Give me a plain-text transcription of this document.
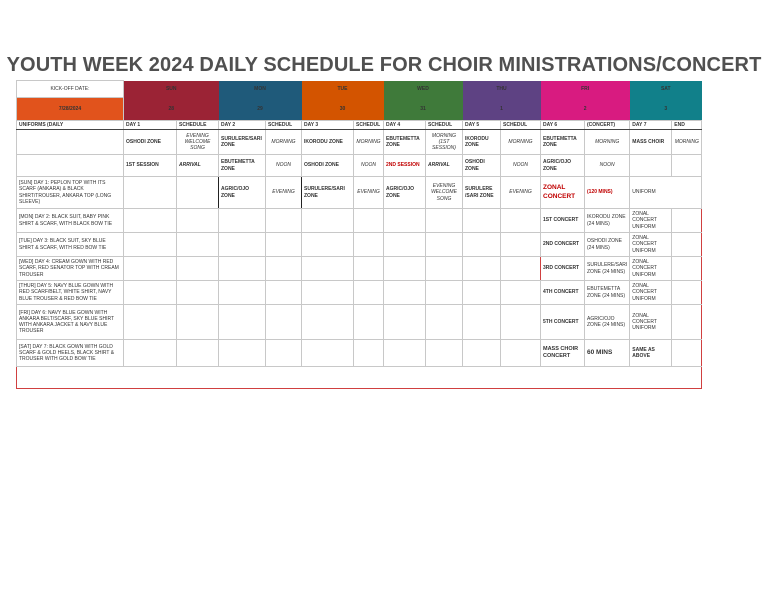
YOUTH WEEK 2024 DAILY SCHEDULE FOR CHOIR MINISTRATIONS/CONCERT
KICK-OFF DATE:	SUN		MON		TUE		WED		THU		FRI		SAT	
7/28/2024	28		29		30		31		1		2		3	
UNIFORMS (DAILY	DAY 1	SCHEDULE	DAY 2	SCHEDUL	DAY 3	SCHEDUL	DAY 4	SCHEDUL	DAY 5	SCHEDUL	DAY 6	(CONCERT)	DAY 7	END
	OSHODI ZONE	EVENING WELCOME SONG	SURULERE/SARI ZONE	MORNING	IKORODU ZONE	MORNING	EBUTEMETTA ZONE	MORNING (1ST SESSION)	IKORODU ZONE	MORNING	EBUTEMETTA ZONE	MORNING	MASS CHOIR	MORNING
	1ST SESSION	ARRIVAL	EBUTEMETTA ZONE	NOON	OSHODI ZONE	NOON	2ND SESSION	ARRIVAL	OSHODI ZONE	NOON	AGRIC/OJO ZONE	NOON		
[SUN] DAY 1: PEPLON TOP WITH ITS SCARF (ANKARA) & BLACK SHIRT/TROUSER, ANKARA TOP (LONG SLEEVE)			AGRIC/OJO ZONE	EVENING	SURULERE/SARI ZONE	EVENING	AGRIC/OJO ZONE	EVENING WELCOME SONG	SURULERE /SARI ZONE	EVENING	ZONAL CONCERT	(120 MINS)	UNIFORM	
[MON] DAY 2: BLACK SUIT, BABY PINK SHIRT & SCARF, WITH BLACK BOW TIE											1ST CONCERT	IKORODU ZONE (24 MINS)	ZONAL CONCERT UNIFORM	
[TUE] DAY 3: BLACK SUIT, SKY BLUE SHIRT & SCARF, WITH RED BOW TIE											2ND CONCERT	OSHODI ZONE (24 MINS)	ZONAL CONCERT UNIFORM	
[WED] DAY 4: CREAM GOWN WITH RED SCARF, RED SENATOR TOP WITH CREAM TROUSER											3RD CONCERT	SURULERE/SARI ZONE (24 MINS)	ZONAL CONCERT UNIFORM	
[THUR] DAY 5: NAVY BLUE GOWN WITH RED SCARF/BELT, WHITE SHIRT, NAVY BLUE TROUSER & RED BOW TIE											4TH CONCERT	EBUTEMETTA ZONE (24 MINS)	ZONAL CONCERT UNIFORM	
[FRI] DAY 6: NAVY BLUE GOWN WITH ANKARA BELT/SCARF, SKY BLUE SHIRT WITH ANKARA JACKET & NAVY BLUE TROUSER											5TH CONCERT	AGRIC/OJO ZONE (24 MINS)	ZONAL CONCERT UNIFORM	
[SAT] DAY 7: BLACK GOWN WITH GOLD SCARF & GOLD HEELS, BLACK SHIRT & TROUSER WITH GOLD BOW TIE											MASS CHOIR CONCERT	60 MINS	SAME AS ABOVE	
